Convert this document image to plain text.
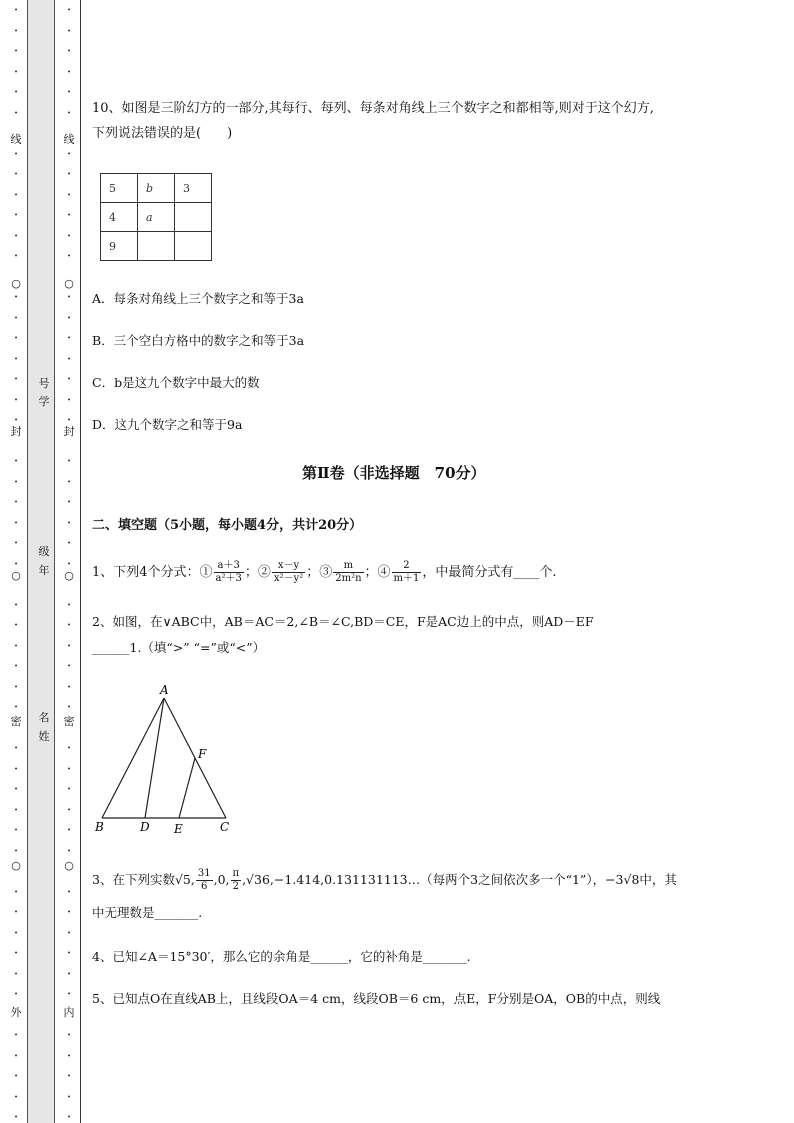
•
•
•
•
•
•
•
•
•
•
•
•
•
•
•
•
•
•
•
•
•
•
•
•
•
•
•
•
•
•
•
•
•
•
•
•
•
•
•
•
•
•
•
•
•
•
•
•
○
○
○
•
•
•
•
•
•
•
•
•
•
•
•
•
•
•
•
•
•
•
•
•
•
•
•
•
•
•
•
•
•
•
•
•
•
•
•
•
•
•
•
•
•
•
•
•
•
•
•
○
○
○
线
封
密
外
线
封
密
内
号
学
级
年
名
姓
10、如图是三阶幻方的一部分,其每行、每列、每条对角线上三个数字之和都相等,则对于这个幻方,
下列说法错误的是(　　)
5	b	3
4	a	
9		
A．每条对角线上三个数字之和等于3a
B．三个空白方格中的数字之和等于3a
C．b是这九个数字中最大的数
D．这九个数字之和等于9a
第Ⅱ卷（非选择题　70分）
二、填空题（5小题，每小题4分，共计20分）
1、下列4个分式：① $\frac{a+3}{\text{a²＋3}}$ ；② $\frac{x-y}{\text{x²－y²}}$ ；③ $\frac{m}{\text{2m²n}}$ ；④ $\frac{2}{m+1}$ ，中最简分式有____个.
2、如图，在∨ABC中，AB＝AC＝2,∠B＝∠C,BD＝CE，F是AC边上的中点，则AD－EF
______1.（填“>” “=”或“<”）
A
B	C
D E
F
3、在下列实数√5, $\frac{31}{6} ,0$, $\frac{\pi}{2}$ ,√36,−1.414,0.131131113…（每两个3之间依次多一个“1”），−3√8中，其
中无理数是_______.
4、已知∠A＝15°30′，那么它的余角是______，它的补角是_______.
5、已知点O在直线AB上，且线段OA＝4 cm，线段OB＝6 cm，点E，F分别是OA，OB的中点，则线
